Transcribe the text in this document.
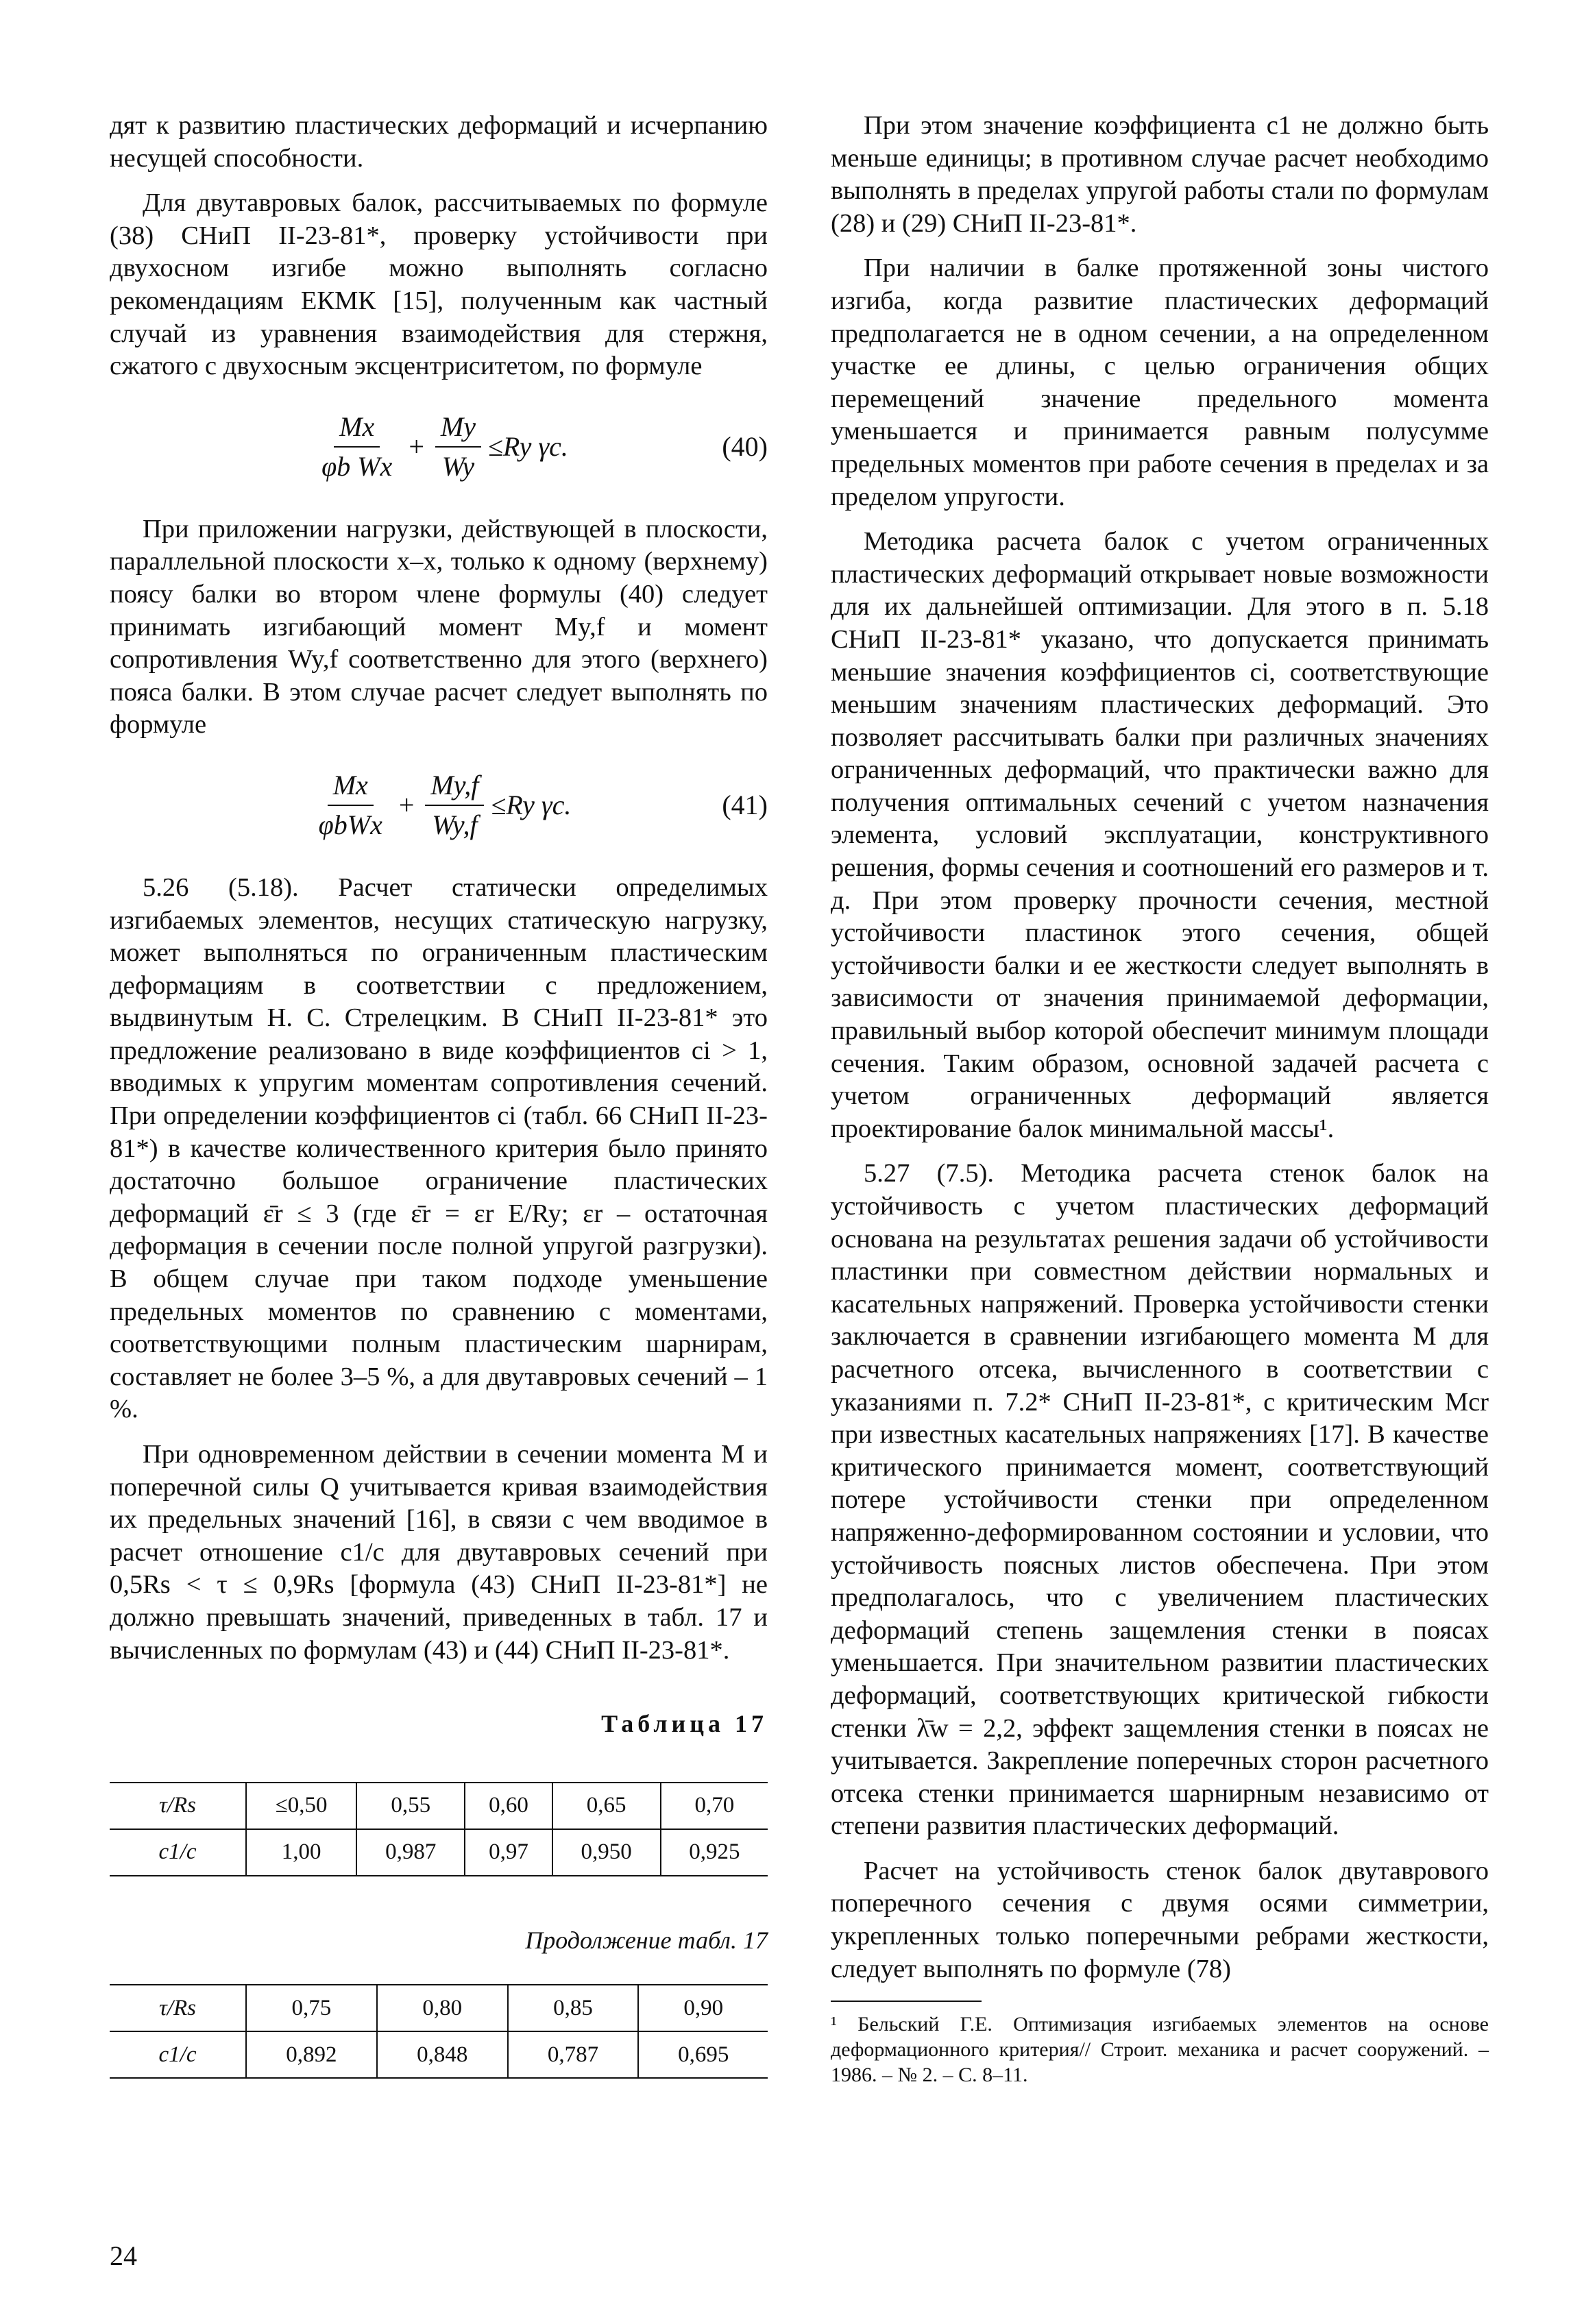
дят к развитию пластических деформаций и исчерпанию несущей способности.

Для двутавровых балок, рассчитываемых по формуле (38) СНиП II-23-81*, проверку устойчивости при двухосном изгибе можно выполнять согласно рекомендациям ЕКМК [15], полученным как частный случай из уравнения взаимодействия для стержня, сжатого с двухосным эксцентриситетом, по формуле

$\frac{Mx}{\text{φb Wx}} + \frac{My}{Wy} \le Ry$ γc.	(40)

При приложении нагрузки, действующей в плоскости, параллельной плоскости x–x, только к одному (верхнему) поясу балки во втором члене формулы (40) следует принимать изгибающий момент My,f и момент сопротивления Wy,f соответственно для этого (верхнего) пояса балки. В этом случае расчет следует выполнять по формуле

$\frac{Mx}{\text{φbWx}} + \frac{My,f}{Wy,f} \le Ry$ γc.	(41)

5.26 (5.18). Расчет статически определимых изгибаемых элементов, несущих статическую нагрузку, может выполняться по ограниченным пластическим деформациям в соответствии с предложением, выдвинутым Н. С. Стрелецким. В СНиП II-23-81* это предложение реализовано в виде коэффициентов ci > 1, вводимых к упругим моментам сопротивления сечений. При определении коэффициентов ci (табл. 66 СНиП II-23-81*) в качестве количественного критерия было принято достаточно большое ограничение пластических деформаций ε̄r ≤ 3 (где ε̄r = εr E/Ry; εr – остаточная деформация в сечении после полной упругой разгрузки). В общем случае при таком подходе уменьшение предельных моментов по сравнению с моментами, соответствующими полным пластическим шарнирам, составляет не более 3–5 %, а для двутавровых сечений – 1 %.

При одновременном действии в сечении момента M и поперечной силы Q учитывается кривая взаимодействия их предельных значений [16], в связи с чем вводимое в расчет отношение c1/c для двутавровых сечений при 0,5Rs < τ ≤ 0,9Rs [формула (43) СНиП II-23-81*] не должно превышать значений, приведенных в табл. 17 и вычисленных по формулам (43) и (44) СНиП II-23-81*.

Таблица 17
τ/Rs	≤0,50	0,55	0,60	0,65	0,70
c1/c	1,00	0,987	0,97	0,950	0,925
Продолжение табл. 17
τ/Rs	0,75	0,80	0,85	0,90
c1/c	0,892	0,848	0,787	0,695
24

При этом значение коэффициента c1 не должно быть меньше единицы; в противном случае расчет необходимо выполнять в пределах упругой работы стали по формулам (28) и (29) СНиП II-23-81*.

При наличии в балке протяженной зоны чистого изгиба, когда развитие пластических деформаций предполагается не в одном сечении, а на определенном участке ее длины, с целью ограничения общих перемещений значение предельного момента уменьшается и принимается равным полусумме предельных моментов при работе сечения в пределах и за пределом упругости.

Методика расчета балок с учетом ограниченных пластических деформаций открывает новые возможности для их дальнейшей оптимизации. Для этого в п. 5.18 СНиП II-23-81* указано, что допускается принимать меньшие значения коэффициентов ci, соответствующие меньшим значениям пластических деформаций. Это позволяет рассчитывать балки при различных значениях ограниченных деформаций, что практически важно для получения оптимальных сечений с учетом назначения элемента, условий эксплуатации, конструктивного решения, формы сечения и соотношений его размеров и т. д. При этом проверку прочности сечения, местной устойчивости пластинок этого сечения, общей устойчивости балки и ее жесткости следует выполнять в зависимости от значения принимаемой деформации, правильный выбор которой обеспечит минимум площади сечения. Таким образом, основной задачей расчета с учетом ограниченных деформаций является проектирование балок минимальной массы¹.

5.27 (7.5). Методика расчета стенок балок на устойчивость с учетом пластических деформаций основана на результатах решения задачи об устойчивости пластинки при совместном действии нормальных и касательных напряжений. Проверка устойчивости стенки заключается в сравнении изгибающего момента M для расчетного отсека, вычисленного в соответствии с указаниями п. 7.2* СНиП II-23-81*, с критическим Mcr при известных касательных напряжениях [17]. В качестве критического принимается момент, соответствующий потере устойчивости стенки при определенном напряженно-деформированном состоянии и условии, что устойчивость поясных листов обеспечена. При этом предполагалось, что с увеличением пластических деформаций степень защемления стенки в поясах уменьшается. При значительном развитии пластических деформаций, соответствующих критической гибкости стенки λ̄w = 2,2, эффект защемления стенки в поясах не учитывается. Закрепление поперечных сторон расчетного отсека стенки принимается шарнирным независимо от степени развития пластических деформаций.

Расчет на устойчивость стенок балок двутаврового поперечного сечения с двумя осями симметрии, укрепленных только поперечными ребрами жесткости, следует выполнять по формуле (78)

¹ Бельский Г.Е. Оптимизация изгибаемых элементов на основе деформационного критерия// Строит. механика и расчет сооружений. – 1986. – № 2. – С. 8–11.
